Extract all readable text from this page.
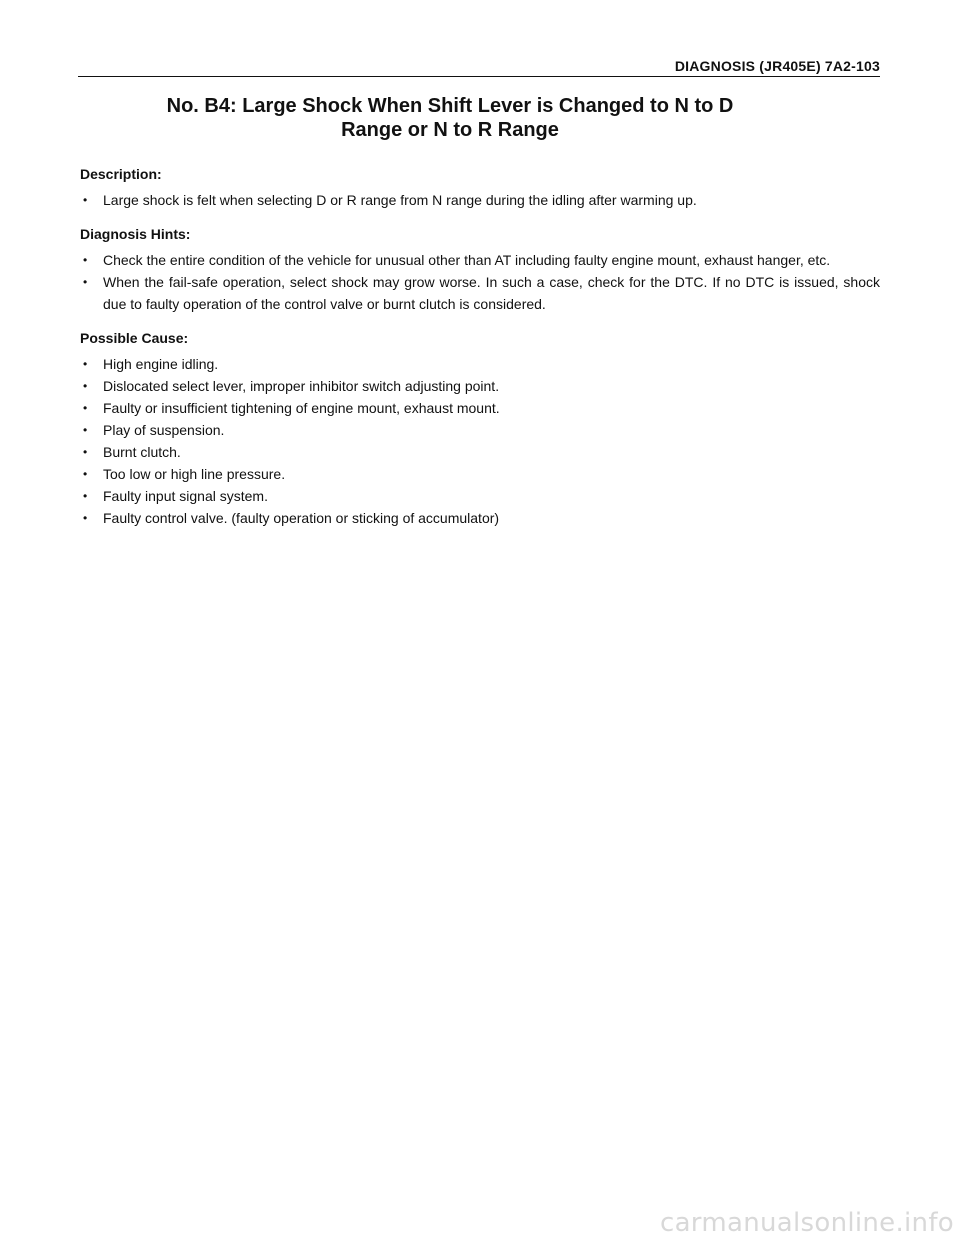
DIAGNOSIS (JR405E) 7A2-103
No. B4: Large Shock When Shift Lever is Changed to N to D
Range or N to R Range

Description:

• Large shock is felt when selecting D or R range from N range during the idling after warming up.

Diagnosis Hints:

• Check the entire condition of the vehicle for unusual other than AT including faulty engine mount, exhaust hanger, etc.
• When the fail-safe operation, select shock may grow worse. In such a case, check for the DTC. If no DTC is issued, shock due to faulty operation of the control valve or burnt clutch is considered.

Possible Cause:

• High engine idling.
• Dislocated select lever, improper inhibitor switch adjusting point.
• Faulty or insufficient tightening of engine mount, exhaust mount.
• Play of suspension.
• Burnt clutch.
• Too low or high line pressure.
• Faulty input signal system.
• Faulty control valve. (faulty operation or sticking of accumulator)
carmanualsonline.info
